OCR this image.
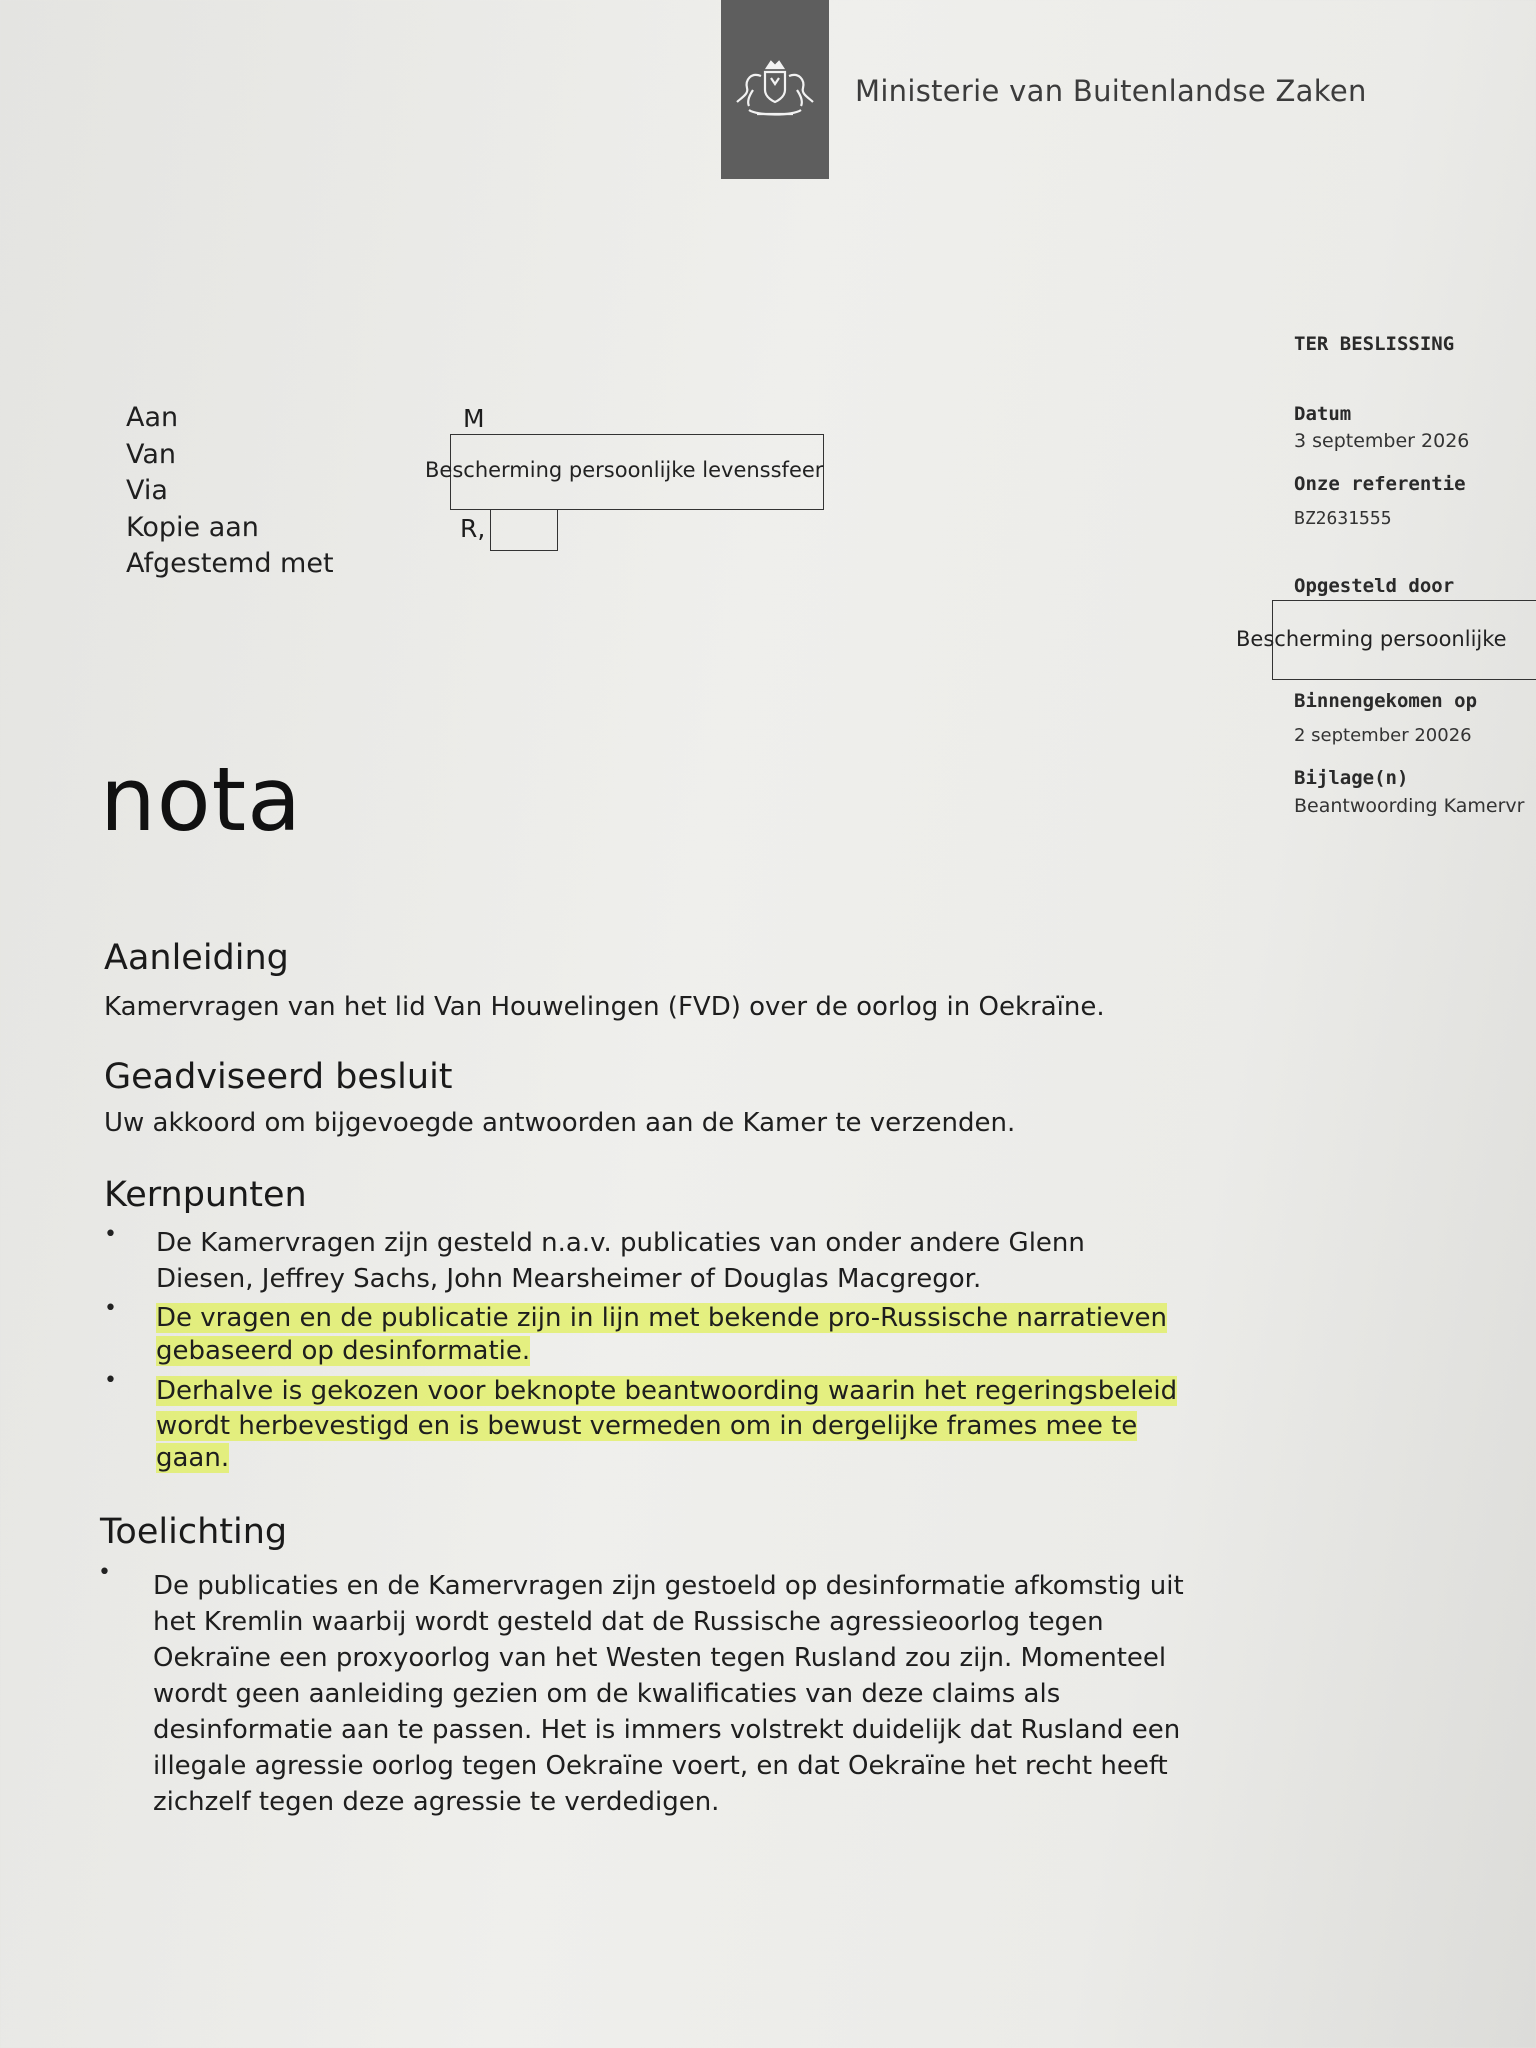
Ministerie van Buitenlandse Zaken
TER BESLISSING
Datum
3 september 2026
Onze referentie
BZ2631555
Opgesteld door
Bescherming persoonlijke
Binnengekomen op
2 september 20026
Bijlage(n)
Beantwoording Kamervr
Aan
Van
Via
Kopie aan
Afgestemd met
M
Bescherming persoonlijke levenssfeer
R,
nota
Aanleiding
Kamervragen van het lid Van Houwelingen (FVD) over de oorlog in Oekraïne.
Geadviseerd besluit
Uw akkoord om bijgevoegde antwoorden aan de Kamer te verzenden.
Kernpunten
• De Kamervragen zijn gesteld n.a.v. publicaties van onder andere Glenn
Diesen, Jeffrey Sachs, John Mearsheimer of Douglas Macgregor.
• De vragen en de publicatie zijn in lijn met bekende pro-Russische narratieven
gebaseerd op desinformatie.
• Derhalve is gekozen voor beknopte beantwoording waarin het regeringsbeleid
wordt herbevestigd en is bewust vermeden om in dergelijke frames mee te
gaan.
Toelichting
• De publicaties en de Kamervragen zijn gestoeld op desinformatie afkomstig uit
het Kremlin waarbij wordt gesteld dat de Russische agressieoorlog tegen
Oekraïne een proxyoorlog van het Westen tegen Rusland zou zijn. Momenteel
wordt geen aanleiding gezien om de kwalificaties van deze claims als
desinformatie aan te passen. Het is immers volstrekt duidelijk dat Rusland een
illegale agressie oorlog tegen Oekraïne voert, en dat Oekraïne het recht heeft
zichzelf tegen deze agressie te verdedigen.
